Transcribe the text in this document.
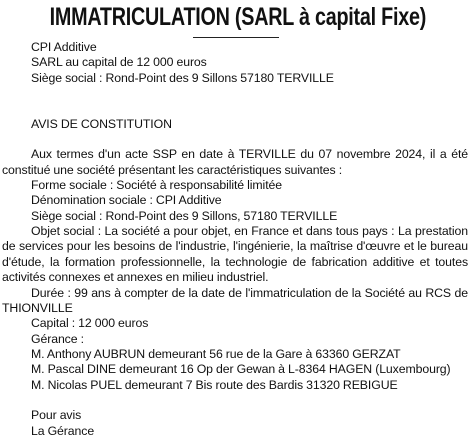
IMMATRICULATION (SARL à capital Fixe)
CPI Additive
SARL au capital de 12 000 euros
Siège social : Rond-Point des 9 Sillons 57180 TERVILLE
AVIS DE CONSTITUTION
Aux termes d'un acte SSP en date à TERVILLE du 07 novembre 2024, il a été constitué une société présentant les caractéristiques suivantes :
Forme sociale : Société à responsabilité limitée
Dénomination sociale : CPI Additive
Siège social : Rond-Point des 9 Sillons, 57180 TERVILLE
Objet social : La société a pour objet, en France et dans tous pays : La prestation de services pour les besoins de l'industrie, l'ingénierie, la maîtrise d'œuvre et le bureau d'étude, la formation professionnelle, la technologie de fabrication additive et toutes activités connexes et annexes en milieu industriel.
Durée : 99 ans à compter de la date de l'immatriculation de la Société au RCS de THIONVILLE
Capital : 12 000 euros
Gérance :
M. Anthony AUBRUN demeurant 56 rue de la Gare à 63360 GERZAT
M. Pascal DINE demeurant 16 Op der Gewan à L-8364 HAGEN (Luxembourg)
M. Nicolas PUEL demeurant 7 Bis route des Bardis 31320 REBIGUE
Pour avis
La Gérance
